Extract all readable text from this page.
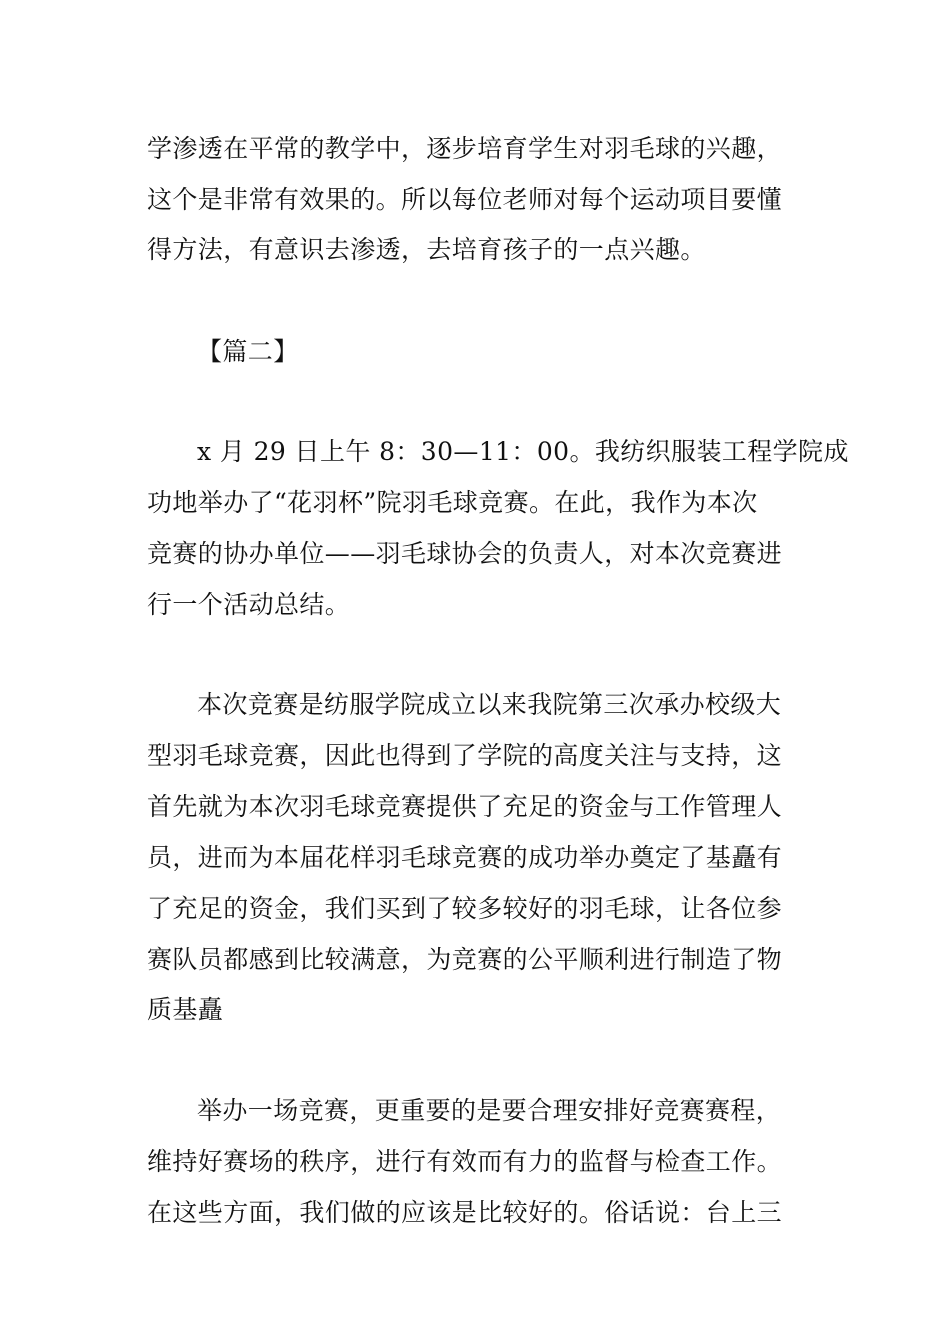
学渗透在平常的教学中，逐步培育学生对羽毛球的兴趣，
这个是非常有效果的。所以每位老师对每个运动项目要懂
得方法，有意识去渗透，去培育孩子的一点兴趣。
【篇二】
x 月 29 日上午 8：30—11：00。我纺织服装工程学院成
功地举办了“花羽杯”院羽毛球竞赛。在此，我作为本次
竞赛的协办单位——羽毛球协会的负责人，对本次竞赛进
行一个活动总结。
本次竞赛是纺服学院成立以来我院第三次承办校级大
型羽毛球竞赛，因此也得到了学院的高度关注与支持，这
首先就为本次羽毛球竞赛提供了充足的资金与工作管理人
员，进而为本届花样羽毛球竞赛的成功举办奠定了基矗有
了充足的资金，我们买到了较多较好的羽毛球，让各位参
赛队员都感到比较满意，为竞赛的公平顺利进行制造了物
质基矗
举办一场竞赛，更重要的是要合理安排好竞赛赛程，
维持好赛场的秩序，进行有效而有力的监督与检查工作。
在这些方面，我们做的应该是比较好的。俗话说：台上三
